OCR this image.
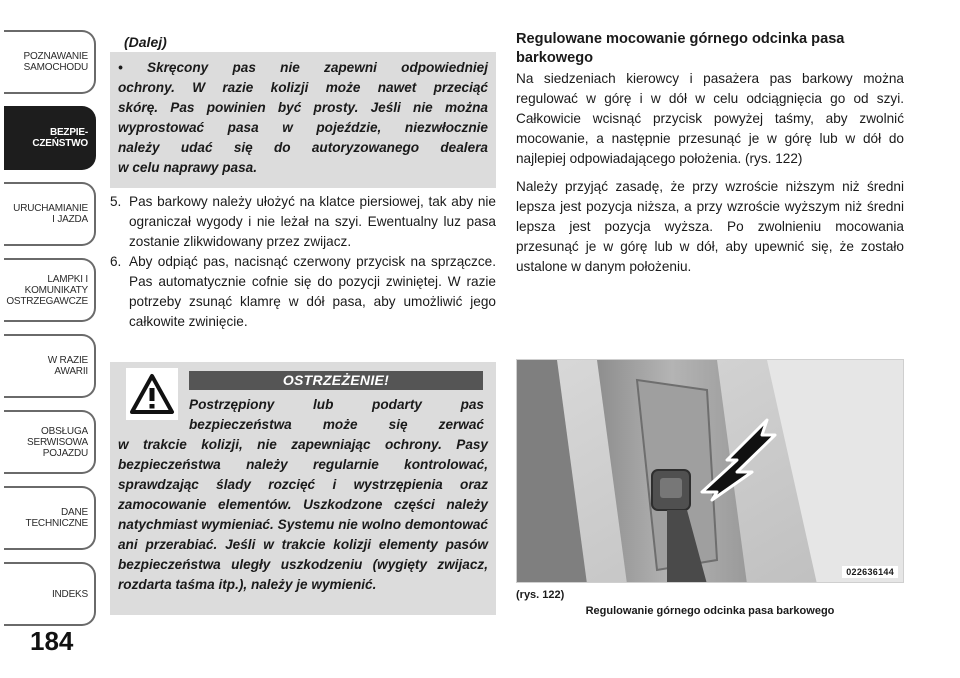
POZNAWANIE
SAMOCHODU
BEZPIE-
CZEŃSTWO
URUCHAMIANIE
I JAZDA
LAMPKI I
KOMUNIKATY
OSTRZEGAWCZE
W RAZIE
AWARII
OBSŁUGA
SERWISOWA
POJAZDU
DANE
TECHNICZNE
INDEKS
184
(Dalej)

• Skręcony pas nie zapewni odpowiedniej

ochrony. W razie kolizji może nawet przeciąć

skórę. Pas powinien być prosty. Jeśli nie można

wyprostować pasa w pojeździe, niezwłocznie

należy udać się do autoryzowanego dealera

w celu naprawy pasa.

5. Pas barkowy należy ułożyć na klatce piersiowej, tak aby nie ograniczał wygody i nie leżał na szyi. Ewentualny luz pasa zostanie zlikwidowany przez zwijacz.
6. Aby odpiąć pas, nacisnąć czerwony przycisk na sprzączce. Pas automatycznie cofnie się do pozycji zwiniętej. W razie potrzeby zsunąć klamrę w dół pasa, aby umożliwić jego całkowite zwinięcie.
OSTRZEŻENIE!

Postrzępiony lub podarty pas bezpieczeństwa może się zerwać

w trakcie kolizji, nie zapewniając ochrony. Pasy bezpieczeństwa należy regularnie kontrolować, sprawdzając ślady rozcięć i wystrzępienia oraz zamocowanie elementów. Uszkodzone części należy natychmiast wymieniać. Systemu nie wolno demontować ani przerabiać. Jeśli w trakcie kolizji elementy pasów bezpieczeństwa uległy uszkodzeniu (wygięty zwijacz, rozdarta taśma itp.), należy je wymienić.

Regulowane mocowanie górnego odcinka pasa
barkowego

Na siedzeniach kierowcy i pasażera pas barkowy można regulować w górę i w dół w celu odciągnięcia go od szyi. Całkowicie wcisnąć przycisk powyżej taśmy, aby zwolnić mocowanie, a następnie przesunąć je w górę lub w dół do najlepiej odpowiadającego położenia. (rys. 122)

Należy przyjąć zasadę, że przy wzroście niższym niż średni lepsza jest pozycja niższa, a przy wzroście wyższym niż średni lepsza jest pozycja wyższa. Po zwolnieniu mocowania przesunąć je w górę lub w dół, aby upewnić się, że zostało ustalone w danym położeniu.

022636144
(rys. 122)
Regulowanie górnego odcinka pasa barkowego
